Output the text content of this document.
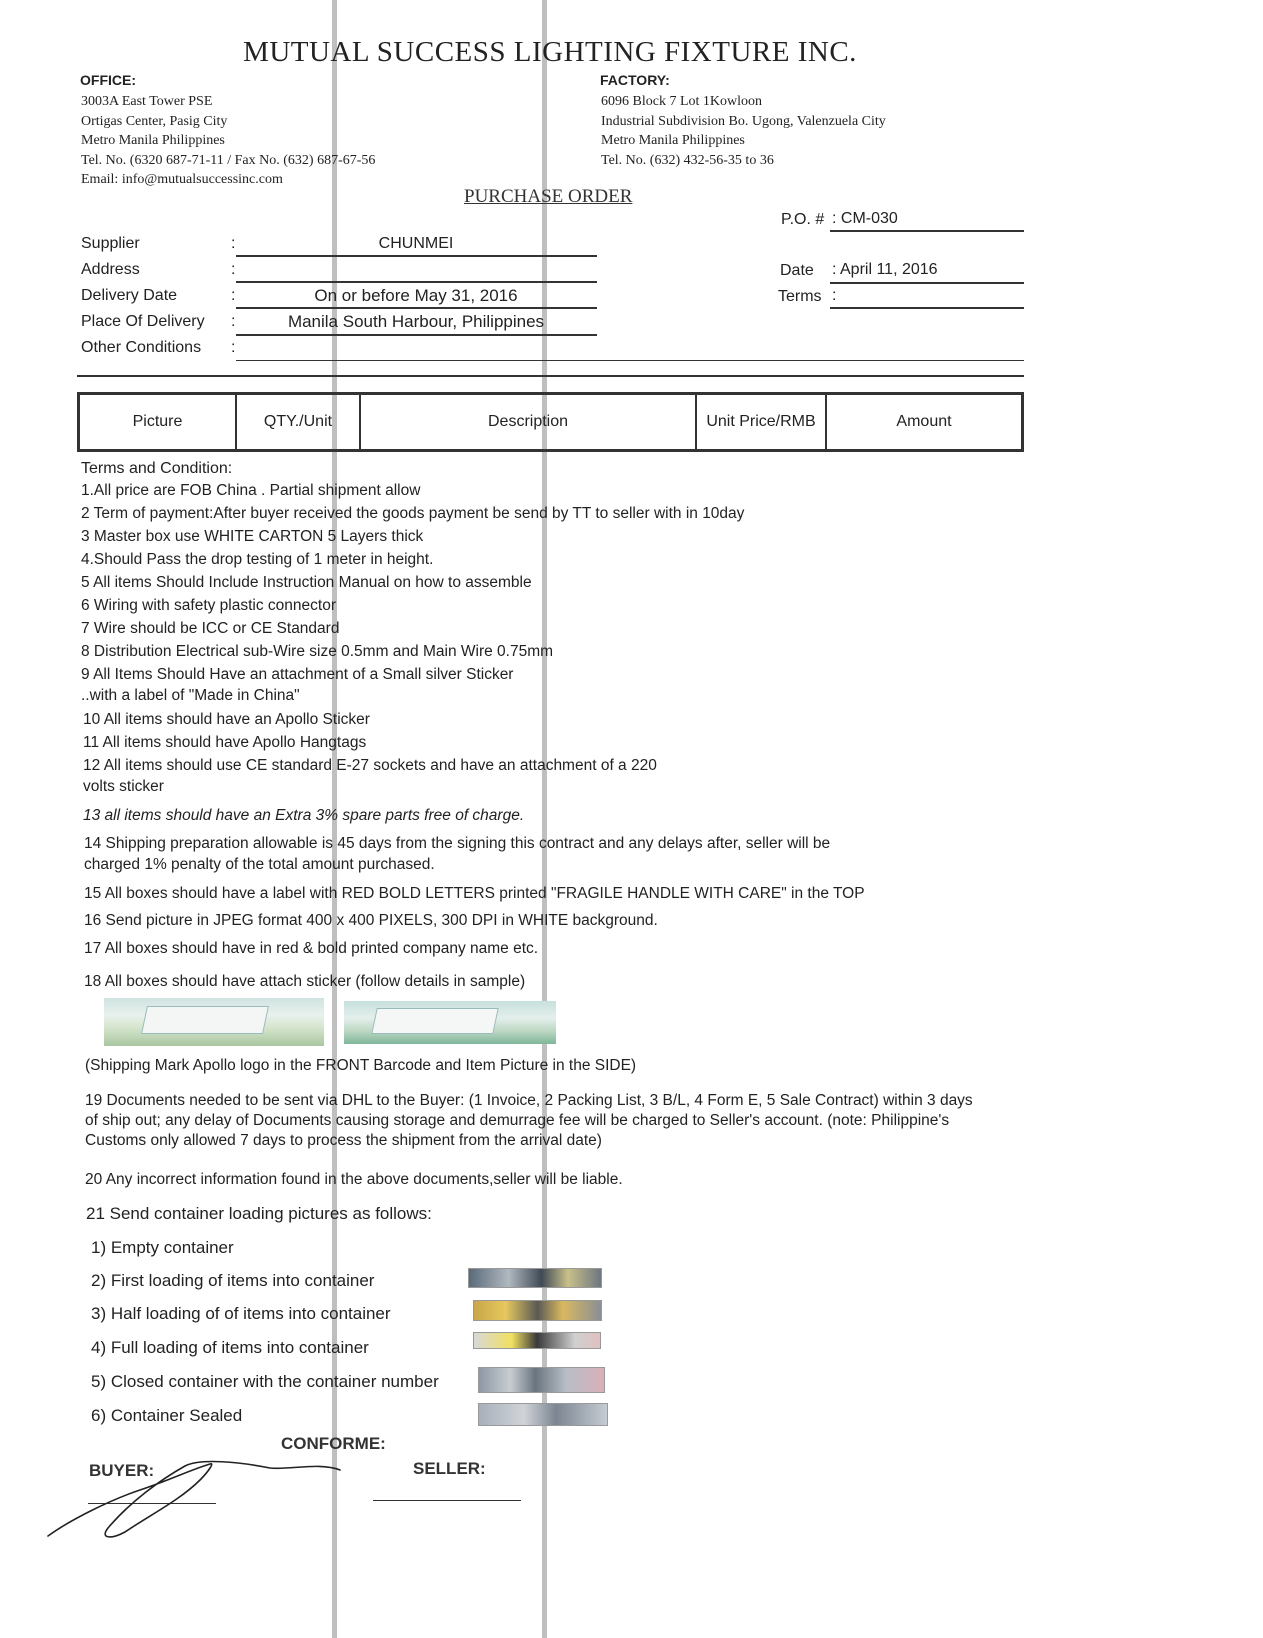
MUTUAL SUCCESS LIGHTING FIXTURE INC.
OFFICE:
3003A East Tower PSE
Ortigas Center, Pasig City
Metro Manila Philippines
Tel. No. (6320 687-71-11 / Fax No. (632) 687-67-56
Email: info@mutualsuccessinc.com
FACTORY:
6096 Block 7 Lot 1Kowloon
Industrial Subdivision Bo. Ugong, Valenzuela City
Metro Manila Philippines
Tel. No. (632) 432-56-35 to 36
PURCHASE ORDER
P.O. # : CM-030
Date : April 11, 2016
Terms :
Supplier	:	CHUNMEI
Address	:
Delivery Date	:	On or before May 31, 2016
Place Of Delivery :	Manila South Harbour, Philippines
Other Conditions :
Picture	QTY./Unit	Description	Unit Price/RMB	Amount
Terms and Condition:
1.All price are FOB China . Partial shipment allow
2 Term of payment:After buyer received the goods payment be send by TT to seller with in 10day
3 Master box use WHITE CARTON 5 Layers thick
4.Should Pass the drop testing of 1 meter in height.
5 All items Should Include Instruction Manual on how to assemble
6 Wiring with safety plastic connector
7 Wire should be ICC or CE Standard
8 Distribution Electrical sub-Wire size 0.5mm and Main Wire 0.75mm
9 All Items Should Have an attachment of a Small silver Sticker
..with a label of "Made in China"
10 All items should have an Apollo Sticker
11 All items should have Apollo Hangtags
12 All items should use CE standard E-27 sockets and have an attachment of a 220
volts sticker
13 all items should have an Extra 3% spare parts free of charge.
14 Shipping preparation allowable is 45 days from the signing this contract and any delays after, seller will be
charged 1% penalty of the total amount purchased.
15 All boxes should have a label with RED BOLD LETTERS printed "FRAGILE HANDLE WITH CARE" in the TOP
16 Send picture in JPEG format 400 x 400 PIXELS, 300 DPI in WHITE background.
17 All boxes should have in red & bold printed company name etc.
18 All boxes should have attach sticker (follow details in sample)
(Shipping Mark Apollo logo in the FRONT Barcode and Item Picture in the SIDE)
19 Documents needed to be sent via DHL to the Buyer: (1 Invoice, 2 Packing List, 3 B/L, 4 Form E, 5 Sale Contract) within 3 days
of ship out; any delay of Documents causing storage and demurrage fee will be charged to Seller's account. (note: Philippine's
Customs only allowed 7 days to process the shipment from the arrival date)
20 Any incorrect information found in the above documents,seller will be liable.
21 Send container loading pictures as follows:
1) Empty container
2) First loading of items into container
3) Half loading of of items into container
4) Full loading of items into container
5) Closed container with the container number
6) Container Sealed
CONFORME:
BUYER:	SELLER:
